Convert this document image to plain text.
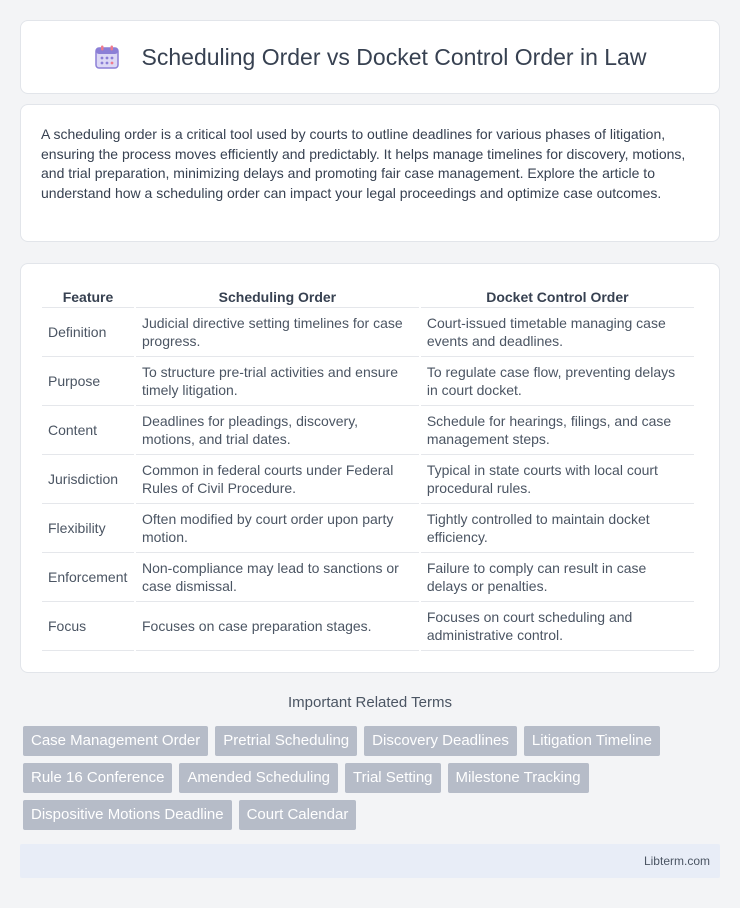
Scheduling Order vs Docket Control Order in Law

A scheduling order is a critical tool used by courts to outline deadlines for various phases of litigation, ensuring the process moves efficiently and predictably. It helps manage timelines for discovery, motions, and trial preparation, minimizing delays and promoting fair case management. Explore the article to understand how a scheduling order can impact your legal proceedings and optimize case outcomes.

Feature	Scheduling Order	Docket Control Order
Definition	Judicial directive setting timelines for case progress.	Court-issued timetable managing case events and deadlines.
Purpose	To structure pre-trial activities and ensure timely litigation.	To regulate case flow, preventing delays in court docket.
Content	Deadlines for pleadings, discovery, motions, and trial dates.	Schedule for hearings, filings, and case management steps.
Jurisdiction	Common in federal courts under Federal Rules of Civil Procedure.	Typical in state courts with local court procedural rules.
Flexibility	Often modified by court order upon party motion.	Tightly controlled to maintain docket efficiency.
Enforcement	Non-compliance may lead to sanctions or case dismissal.	Failure to comply can result in case delays or penalties.
Focus	Focuses on case preparation stages.	Focuses on court scheduling and administrative control.
Important Related Terms
Case Management Order	Pretrial Scheduling	Discovery Deadlines	Litigation Timeline
Rule 16 Conference	Amended Scheduling	Trial Setting	Milestone Tracking
Dispositive Motions Deadline	Court Calendar
Libterm.com
